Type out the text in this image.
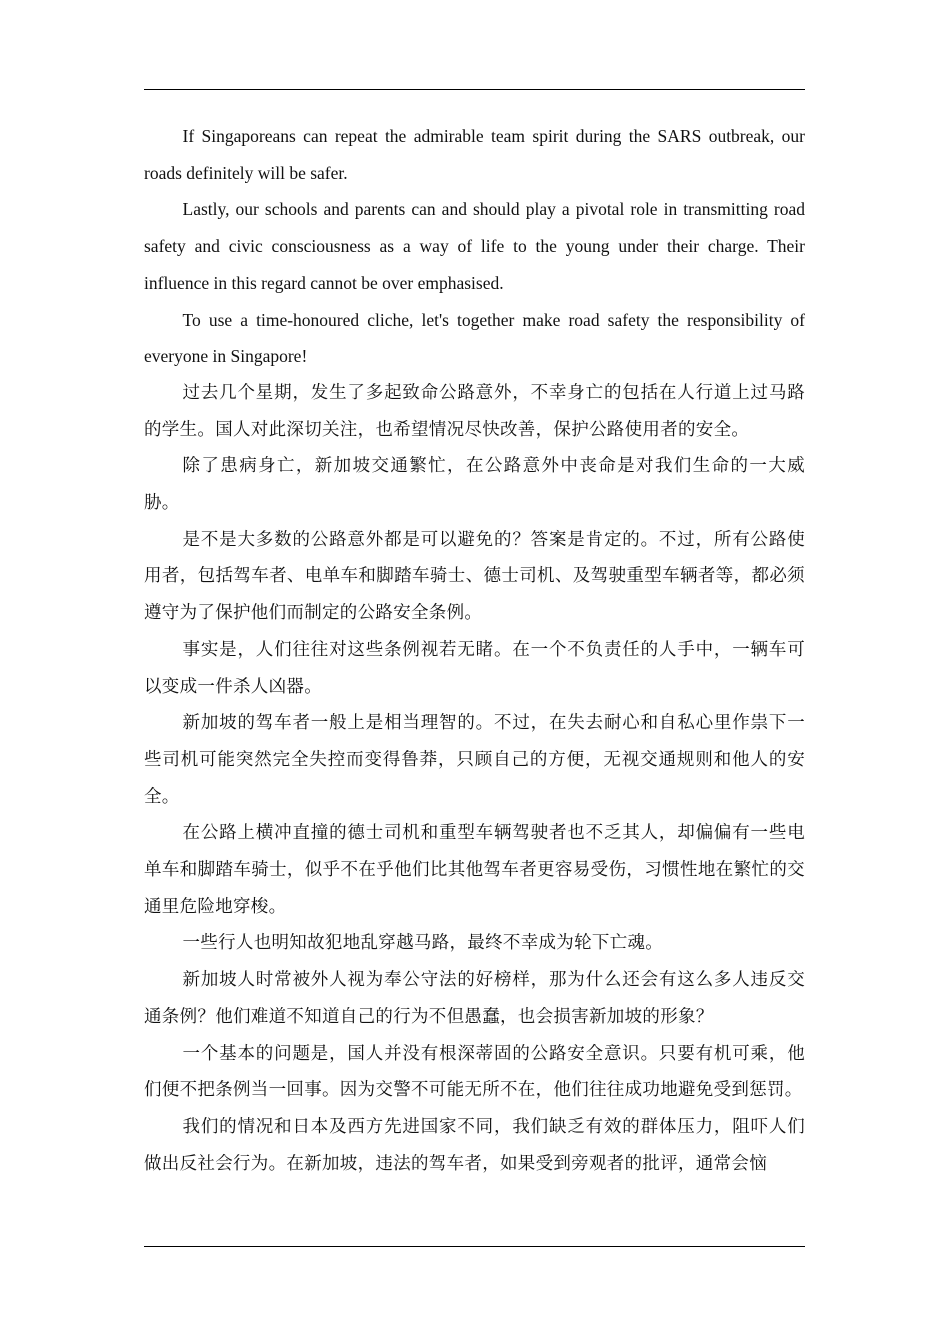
If Singaporeans can repeat the admirable team spirit during the SARS outbreak, our roads definitely will be safer.

Lastly, our schools and parents can and should play a pivotal role in transmitting road safety and civic consciousness as a way of life to the young under their charge. Their influence in this regard cannot be over emphasised.

To use a time-honoured cliche, let's together make road safety the responsibility of everyone in Singapore!

过去几个星期，发生了多起致命公路意外，不幸身亡的包括在人行道上过马路的学生。国人对此深切关注，也希望情况尽快改善，保护公路使用者的安全。

除了患病身亡，新加坡交通繁忙，在公路意外中丧命是对我们生命的一大威胁。

是不是大多数的公路意外都是可以避免的？答案是肯定的。不过，所有公路使用者，包括驾车者、电单车和脚踏车骑士、德士司机、及驾驶重型车辆者等，都必须遵守为了保护他们而制定的公路安全条例。

事实是，人们往往对这些条例视若无睹。在一个不负责任的人手中，一辆车可以变成一件杀人凶器。

新加坡的驾车者一般上是相当理智的。不过，在失去耐心和自私心里作祟下一些司机可能突然完全失控而变得鲁莽，只顾自己的方便，无视交通规则和他人的安全。

在公路上横冲直撞的德士司机和重型车辆驾驶者也不乏其人，却偏偏有一些电单车和脚踏车骑士，似乎不在乎他们比其他驾车者更容易受伤，习惯性地在繁忙的交通里危险地穿梭。

一些行人也明知故犯地乱穿越马路，最终不幸成为轮下亡魂。

新加坡人时常被外人视为奉公守法的好榜样，那为什么还会有这么多人违反交通条例？他们难道不知道自己的行为不但愚蠢，也会损害新加坡的形象？

一个基本的问题是，国人并没有根深蒂固的公路安全意识。只要有机可乘，他们便不把条例当一回事。因为交警不可能无所不在，他们往往成功地避免受到惩罚。

我们的情况和日本及西方先进国家不同，我们缺乏有效的群体压力，阻吓人们做出反社会行为。在新加坡，违法的驾车者，如果受到旁观者的批评，通常会恼
